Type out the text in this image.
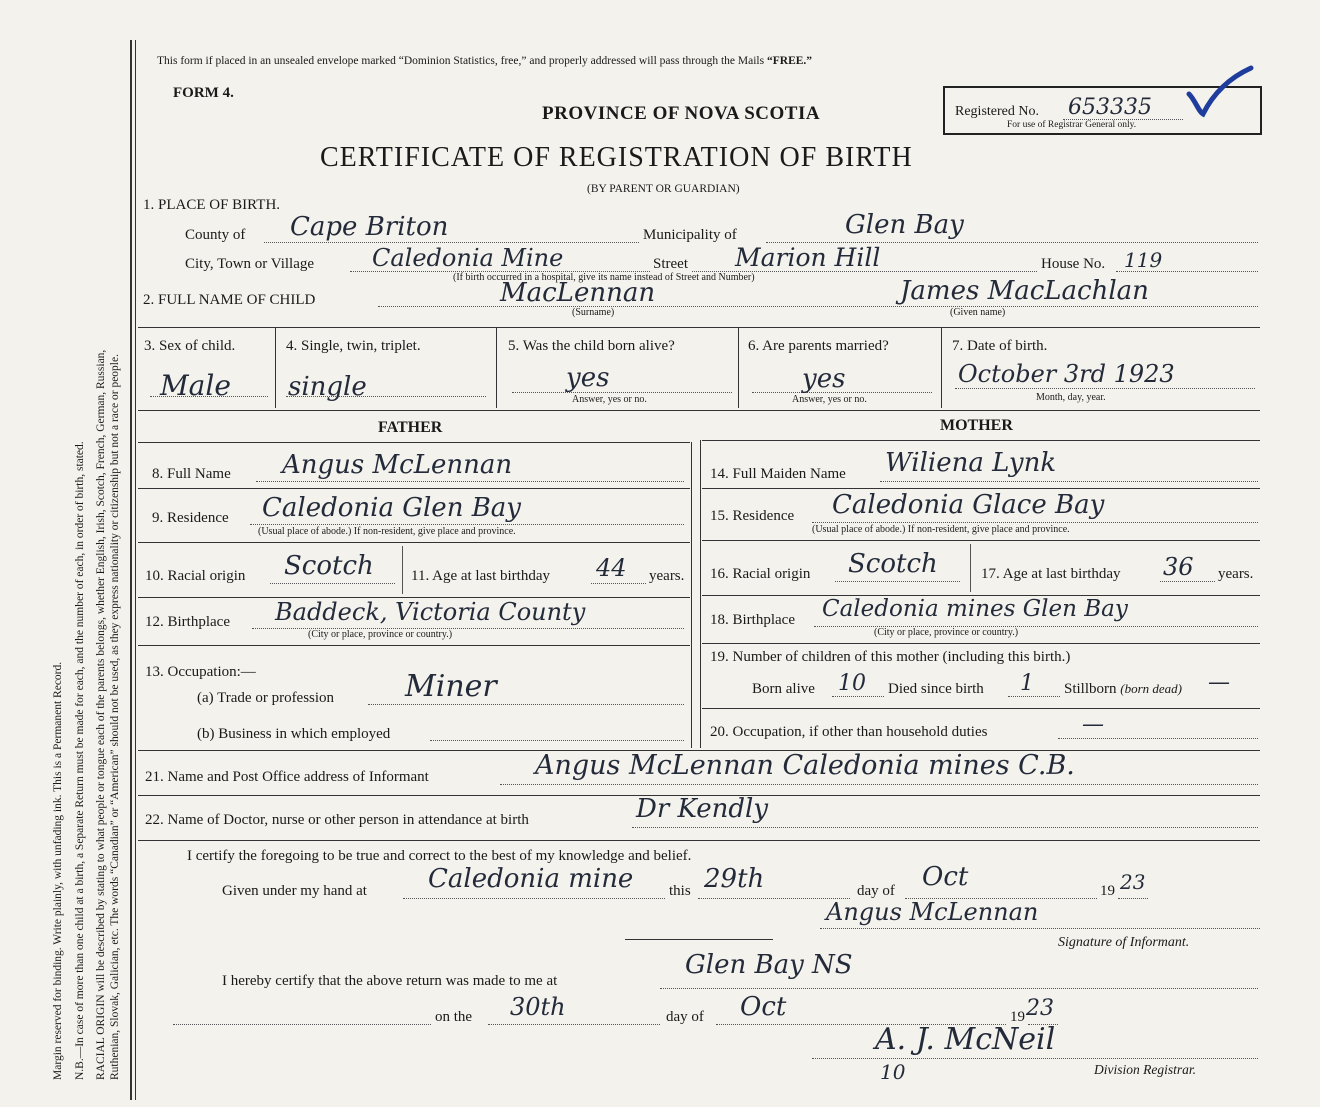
Margin reserved for binding. Write plainly, with unfading ink. This is a Permanent Record. N.B.—In case of more than one child at a birth, a Separate Return must be made for each, and the number of each, in order of birth, stated. RACIAL ORIGIN will be described by stating to what people or tongue each of the parents belongs, whether English, Irish, Scotch, French, German, Russian, Ruthenian, Slovak, Galician, etc. The words “Canadian” or “American” should not be used, as they express nationality or citizenship but not a race or people.
This form if placed in an unsealed envelope marked “Dominion Statistics, free,” and properly addressed will pass through the Mails “FREE.”
FORM 4.
PROVINCE OF NOVA SCOTIA	Registered No. 653335
For use of Registrar General only.
CERTIFICATE OF REGISTRATION OF BIRTH
(BY PARENT OR GUARDIAN)
1. PLACE OF BIRTH.
County of Cape Briton	Municipality of	Glen Bay
City, Town or Village Caledonia Mine	Street Marion Hill	House No. 119
(If birth occurred in a hospital, give its name instead of Street and Number)
2. FULL NAME OF CHILD	MacLennan
(Surname)
James MacLachlan
(Given name)
3. Sex of child.
Male
4. Single, twin, triplet.
single
5. Was the child born alive?
yes
Answer, yes or no.
6. Are parents married?
yes
Answer, yes or no.
7. Date of birth.
October 3rd 1923
Month, day, year.
FATHER	MOTHER
8. Full Name Angus McLennan
9. Residence Caledonia Glen Bay
(Usual place of abode.) If non-resident, give place and province.
10. Racial origin Scotch 11. Age at last birthday 44 years.
12. Birthplace Baddeck, Victoria County
(City or place, province or country.)
13. Occupation:—
(a) Trade or profession Miner
(b) Business in which employed
14. Full Maiden Name Wiliena Lynk
15. Residence Caledonia Glace Bay
(Usual place of abode.) If non-resident, give place and province.
16. Racial origin Scotch	17. Age at last birthday 36 years.
18. Birthplace Caledonia mines Glen Bay
(City or place, province or country.)
19. Number of children of this mother (including this birth.)
Born alive 10 Died since birth 1 Stillborn (born dead) —
20. Occupation, if other than household duties	—
21. Name and Post Office address of Informant	Angus McLennan Caledonia mines C.B.
22. Name of Doctor, nurse or other person in attendance at birth	Dr Kendly
I certify the foregoing to be true and correct to the best of my knowledge and belief.
Given under my hand at Caledonia mine this 29th	day of Oct	19 23
Angus McLennan
Signature of Informant.
I hereby certify that the above return was made to me at
Glen Bay NS
on the 30th	day of Oct	19 23
A. J. McNeil
10	Division Registrar.
